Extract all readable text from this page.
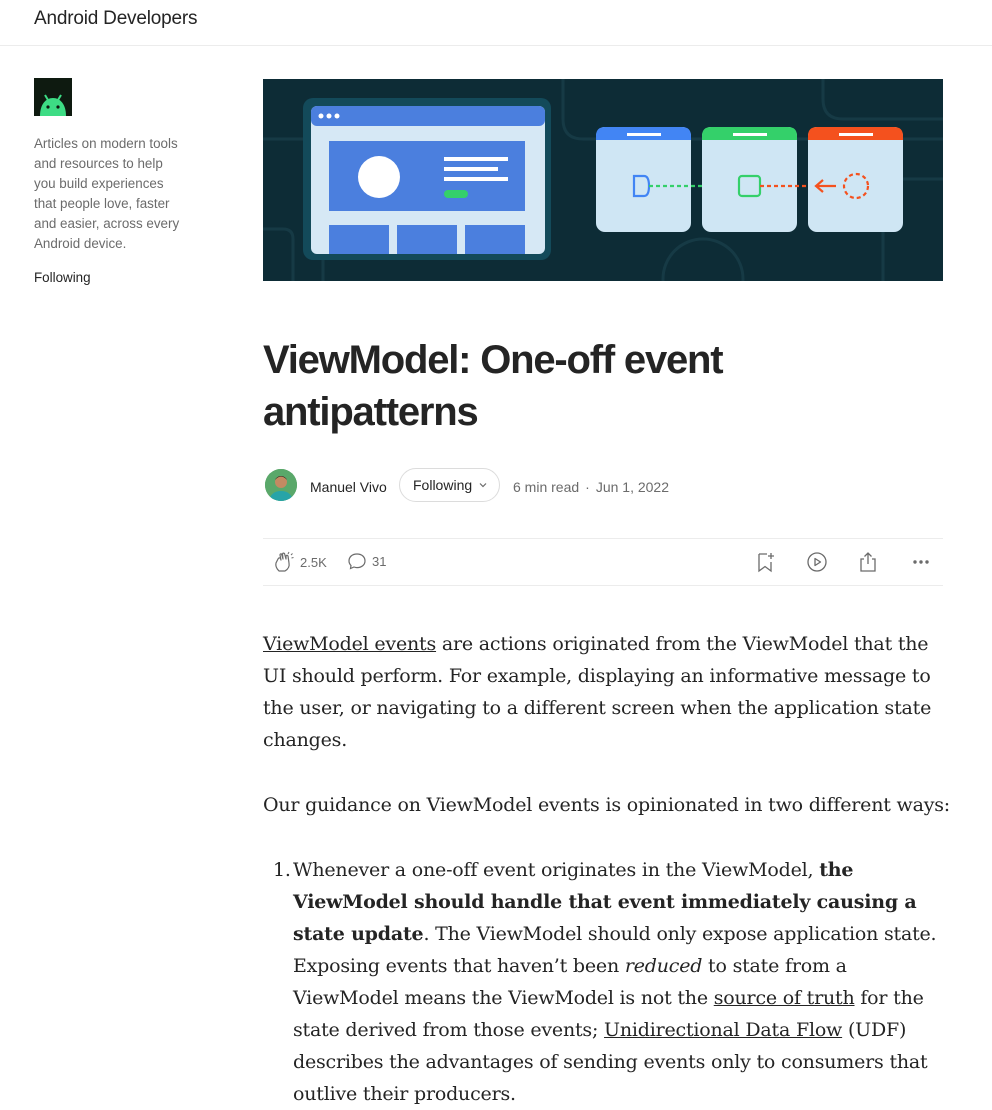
Android Developers
Articles on modern tools and resources to help you build experiences that people love, faster and easier, across every Android device.
Following
ViewModel: One-off event antipatterns
Manuel Vivo Following	6 min read · Jun 1, 2022
2.5K	31

ViewModel events are actions originated from the ViewModel that the UI should perform. For example, displaying an informative message to the user, or navigating to a different screen when the application state changes.

Our guidance on ViewModel events is opinionated in two different ways:

1. Whenever a one-off event originates in the ViewModel, the ViewModel should handle that event immediately causing a state update. The ViewModel should only expose application state. Exposing events that haven’t been reduced to state from a ViewModel means the ViewModel is not the source of truth for the state derived from those events; Unidirectional Data Flow (UDF) describes the advantages of sending events only to consumers that outlive their producers.
